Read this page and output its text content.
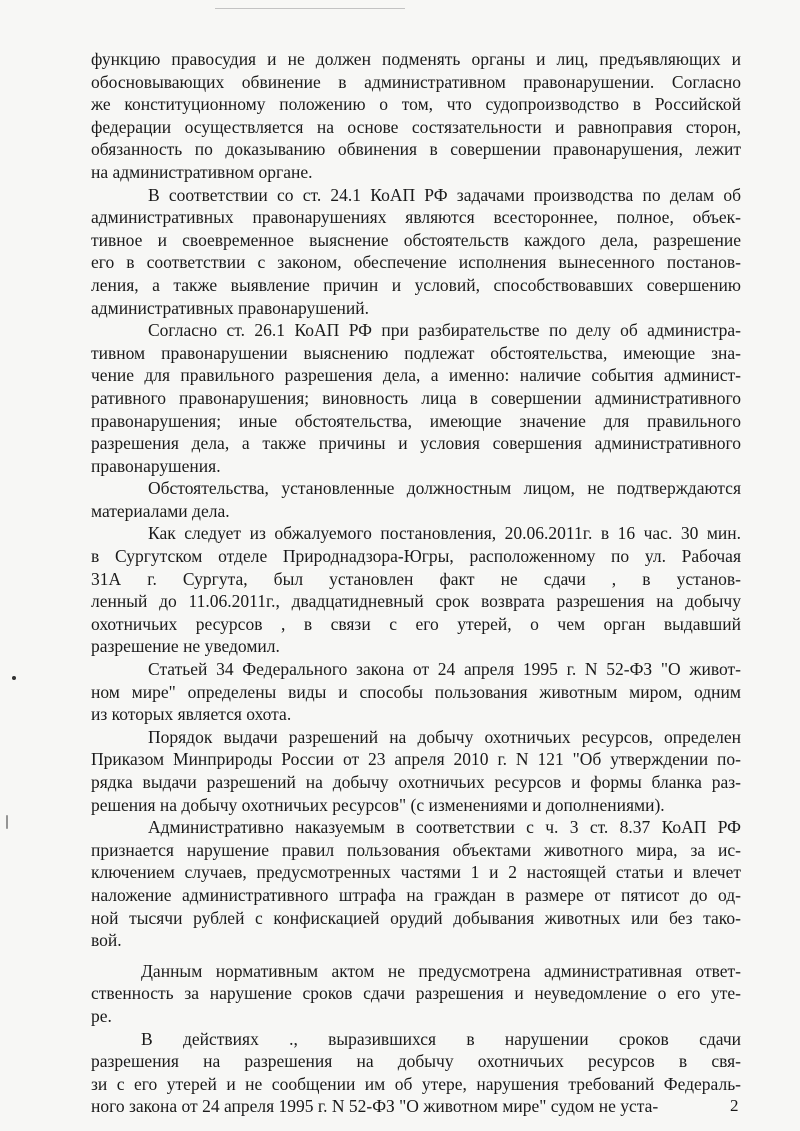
функцию правосудия и не должен подменять органы и лиц, предъявляющих и
обосновывающих обвинение в административном правонарушении. Согласно
же конституционному положению о том, что судопроизводство в Российской
федерации осуществляется на основе состязательности и равноправия сторон,
обязанность по доказыванию обвинения в совершении правонарушения, лежит
на административном органе.
В соответствии со ст. 24.1 КоАП РФ задачами производства по делам об
административных правонарушениях являются всестороннее, полное, объек-
тивное и своевременное выяснение обстоятельств каждого дела, разрешение
его в соответствии с законом, обеспечение исполнения вынесенного постанов-
ления, а также выявление причин и условий, способствовавших совершению
административных правонарушений.
Согласно ст. 26.1 КоАП РФ при разбирательстве по делу об администра-
тивном правонарушении выяснению подлежат обстоятельства, имеющие зна-
чение для правильного разрешения дела, а именно: наличие события админист-
ративного правонарушения; виновность лица в совершении административного
правонарушения; иные обстоятельства, имеющие значение для правильного
разрешения дела, а также причины и условия совершения административного
правонарушения.
Обстоятельства, установленные должностным лицом, не подтверждаются
материалами дела.
Как следует из обжалуемого постановления, 20.06.2011г. в 16 час. 30 мин.
в Сургутском отделе Природнадзора-Югры, расположенному по ул. Рабочая
31А г. Сургута, был установлен факт не сдачи , в установ-
ленный до 11.06.2011г., двадцатидневный срок возврата разрешения на добычу
охотничьих ресурсов , в связи с его утерей, о чем орган выдавший
разрешение не уведомил.
Статьей 34 Федерального закона от 24 апреля 1995 г. N 52-ФЗ "О живот-
ном мире" определены виды и способы пользования животным миром, одним
из которых является охота.
Порядок выдачи разрешений на добычу охотничьих ресурсов, определен
Приказом Минприроды России от 23 апреля 2010 г. N 121 "Об утверждении по-
рядка выдачи разрешений на добычу охотничьих ресурсов и формы бланка раз-
решения на добычу охотничьих ресурсов" (с изменениями и дополнениями).
Административно наказуемым в соответствии с ч. 3 ст. 8.37 КоАП РФ
признается нарушение правил пользования объектами животного мира, за ис-
ключением случаев, предусмотренных частями 1 и 2 настоящей статьи и влечет
наложение административного штрафа на граждан в размере от пятисот до од-
ной тысячи рублей с конфискацией орудий добывания животных или без тако-
вой.
Данным нормативным актом не предусмотрена административная ответ-
ственность за нарушение сроков сдачи разрешения и неуведомление о его уте-
ре.
В действиях ., выразившихся в нарушении сроков сдачи
разрешения на разрешения на добычу охотничьих ресурсов в свя-
зи с его утерей и не сообщении им об утере, нарушения требований Федераль-
ного закона от 24 апреля 1995 г. N 52-ФЗ "О животном мире" судом не уста-	2
